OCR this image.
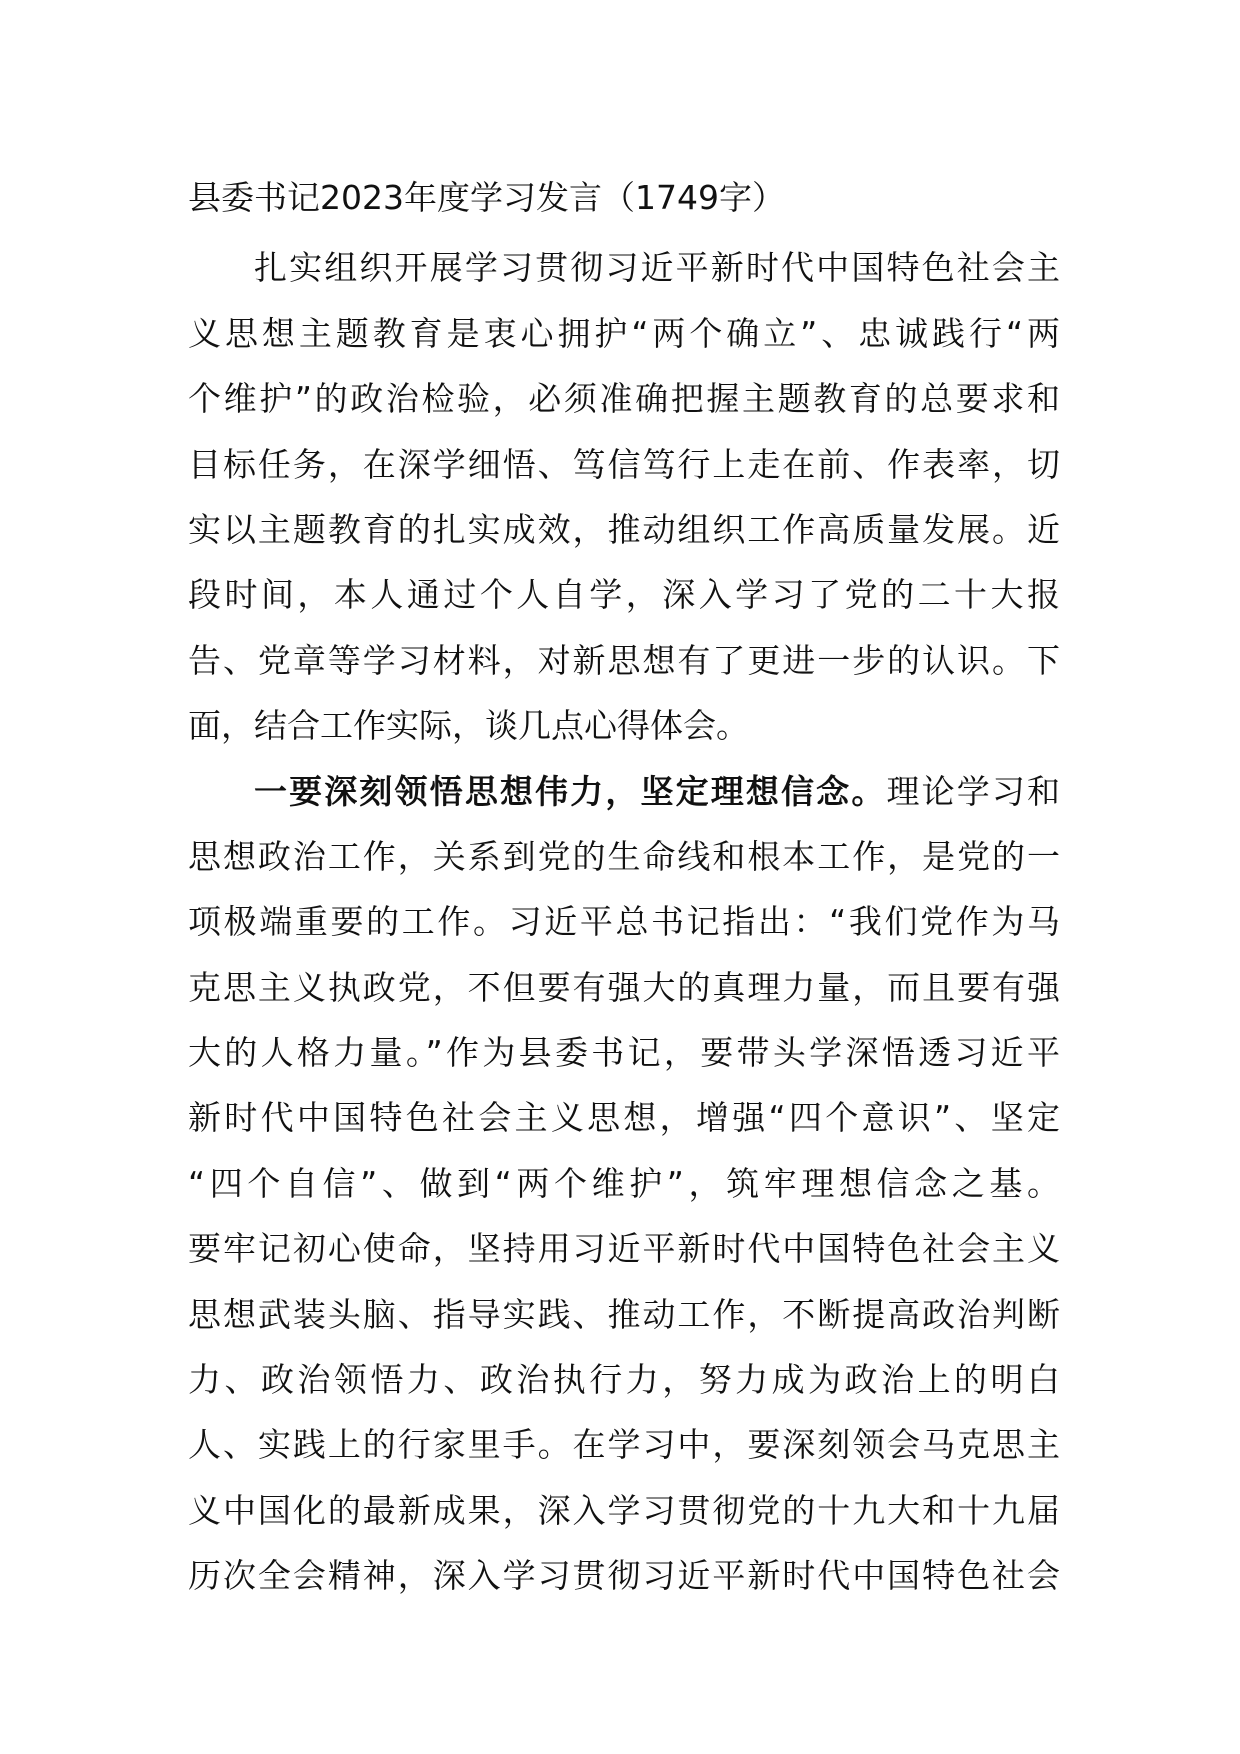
县委书记2023年度学习发言（1749字）
扎实组织开展学习贯彻习近平新时代中国特色社会主
义思想主题教育是衷心拥护“两个确立”、忠诚践行“两
个维护”的政治检验，必须准确把握主题教育的总要求和
目标任务，在深学细悟、笃信笃行上走在前、作表率，切
实以主题教育的扎实成效，推动组织工作高质量发展。近
段时间，本人通过个人自学，深入学习了党的二十大报
告、党章等学习材料，对新思想有了更进一步的认识。下
面，结合工作实际，谈几点心得体会。
一要深刻领悟思想伟力，坚定理想信念。理论学习和
思想政治工作，关系到党的生命线和根本工作，是党的一
项极端重要的工作。习近平总书记指出：“我们党作为马
克思主义执政党，不但要有强大的真理力量，而且要有强
大的人格力量。”作为县委书记，要带头学深悟透习近平
新时代中国特色社会主义思想，增强“四个意识”、坚定
“四个自信”、做到“两个维护”，筑牢理想信念之基。
要牢记初心使命，坚持用习近平新时代中国特色社会主义
思想武装头脑、指导实践、推动工作，不断提高政治判断
力、政治领悟力、政治执行力，努力成为政治上的明白
人、实践上的行家里手。在学习中，要深刻领会马克思主
义中国化的最新成果，深入学习贯彻党的十九大和十九届
历次全会精神，深入学习贯彻习近平新时代中国特色社会
